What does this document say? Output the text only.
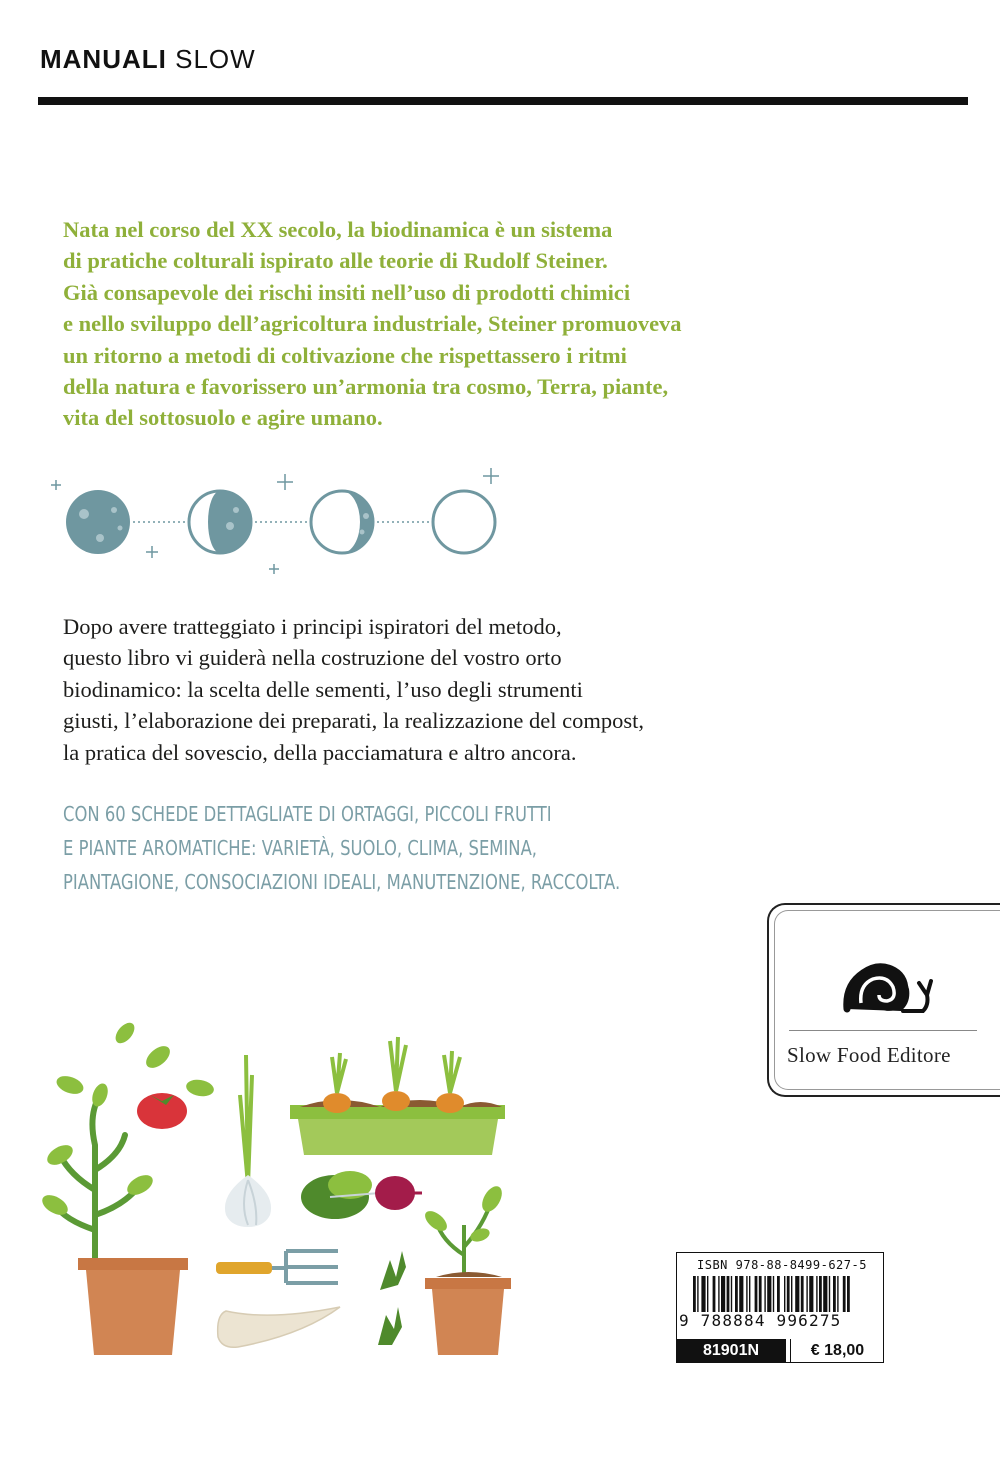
MANUALI SLOW

Nata nel corso del XX secolo, la biodinamica è un sistema

di pratiche colturali ispirato alle teorie di Rudolf Steiner.

Già consapevole dei rischi insiti nell’uso di prodotti chimici

e nello sviluppo dell’agricoltura industriale, Steiner promuoveva

un ritorno a metodi di coltivazione che rispettassero i ritmi

della natura e favorissero un’armonia tra cosmo, Terra, piante,

vita del sottosuolo e agire umano.

Dopo avere tratteggiato i principi ispiratori del metodo,

questo libro vi guiderà nella costruzione del vostro orto

biodinamico: la scelta delle sementi, l’uso degli strumenti

giusti, l’elaborazione dei preparati, la realizzazione del compost,

la pratica del sovescio, della pacciamatura e altro ancora.

CON 60 SCHEDE DETTAGLIATE DI ORTAGGI, PICCOLI FRUTTI

E PIANTE AROMATICHE: VARIETÀ, SUOLO, CLIMA, SEMINA,

PIANTAGIONE, CONSOCIAZIONI IDEALI, MANUTENZIONE, RACCOLTA.

Slow Food Editore
ISBN 978-88-8499-627-5
9 788884 996275
81901N	€ 18,00
